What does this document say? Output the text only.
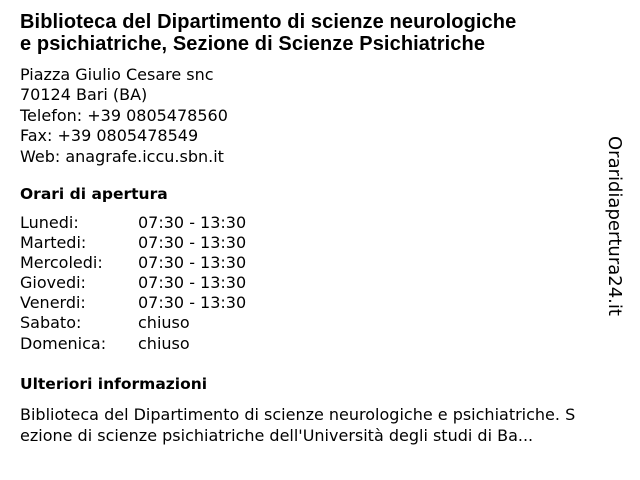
Biblioteca del Dipartimento di scienze neurologiche
e psichiatriche, Sezione di Scienze Psichiatriche
Piazza Giulio Cesare snc
70124 Bari (BA)
Telefon: +39 0805478560
Fax: +39 0805478549
Web: anagrafe.iccu.sbn.it
Orari di apertura
Lunedi:	07:30 - 13:30
Martedi:	07:30 - 13:30
Mercoledi: 07:30 - 13:30
Giovedi:	07:30 - 13:30
Venerdi:	07:30 - 13:30
Sabato:	chiuso
Domenica: chiuso
Ulteriori informazioni
Biblioteca del Dipartimento di scienze neurologiche e psichiatriche. S
ezione di scienze psichiatriche dell'Università degli studi di Ba...
Oraridiapertura24.it
